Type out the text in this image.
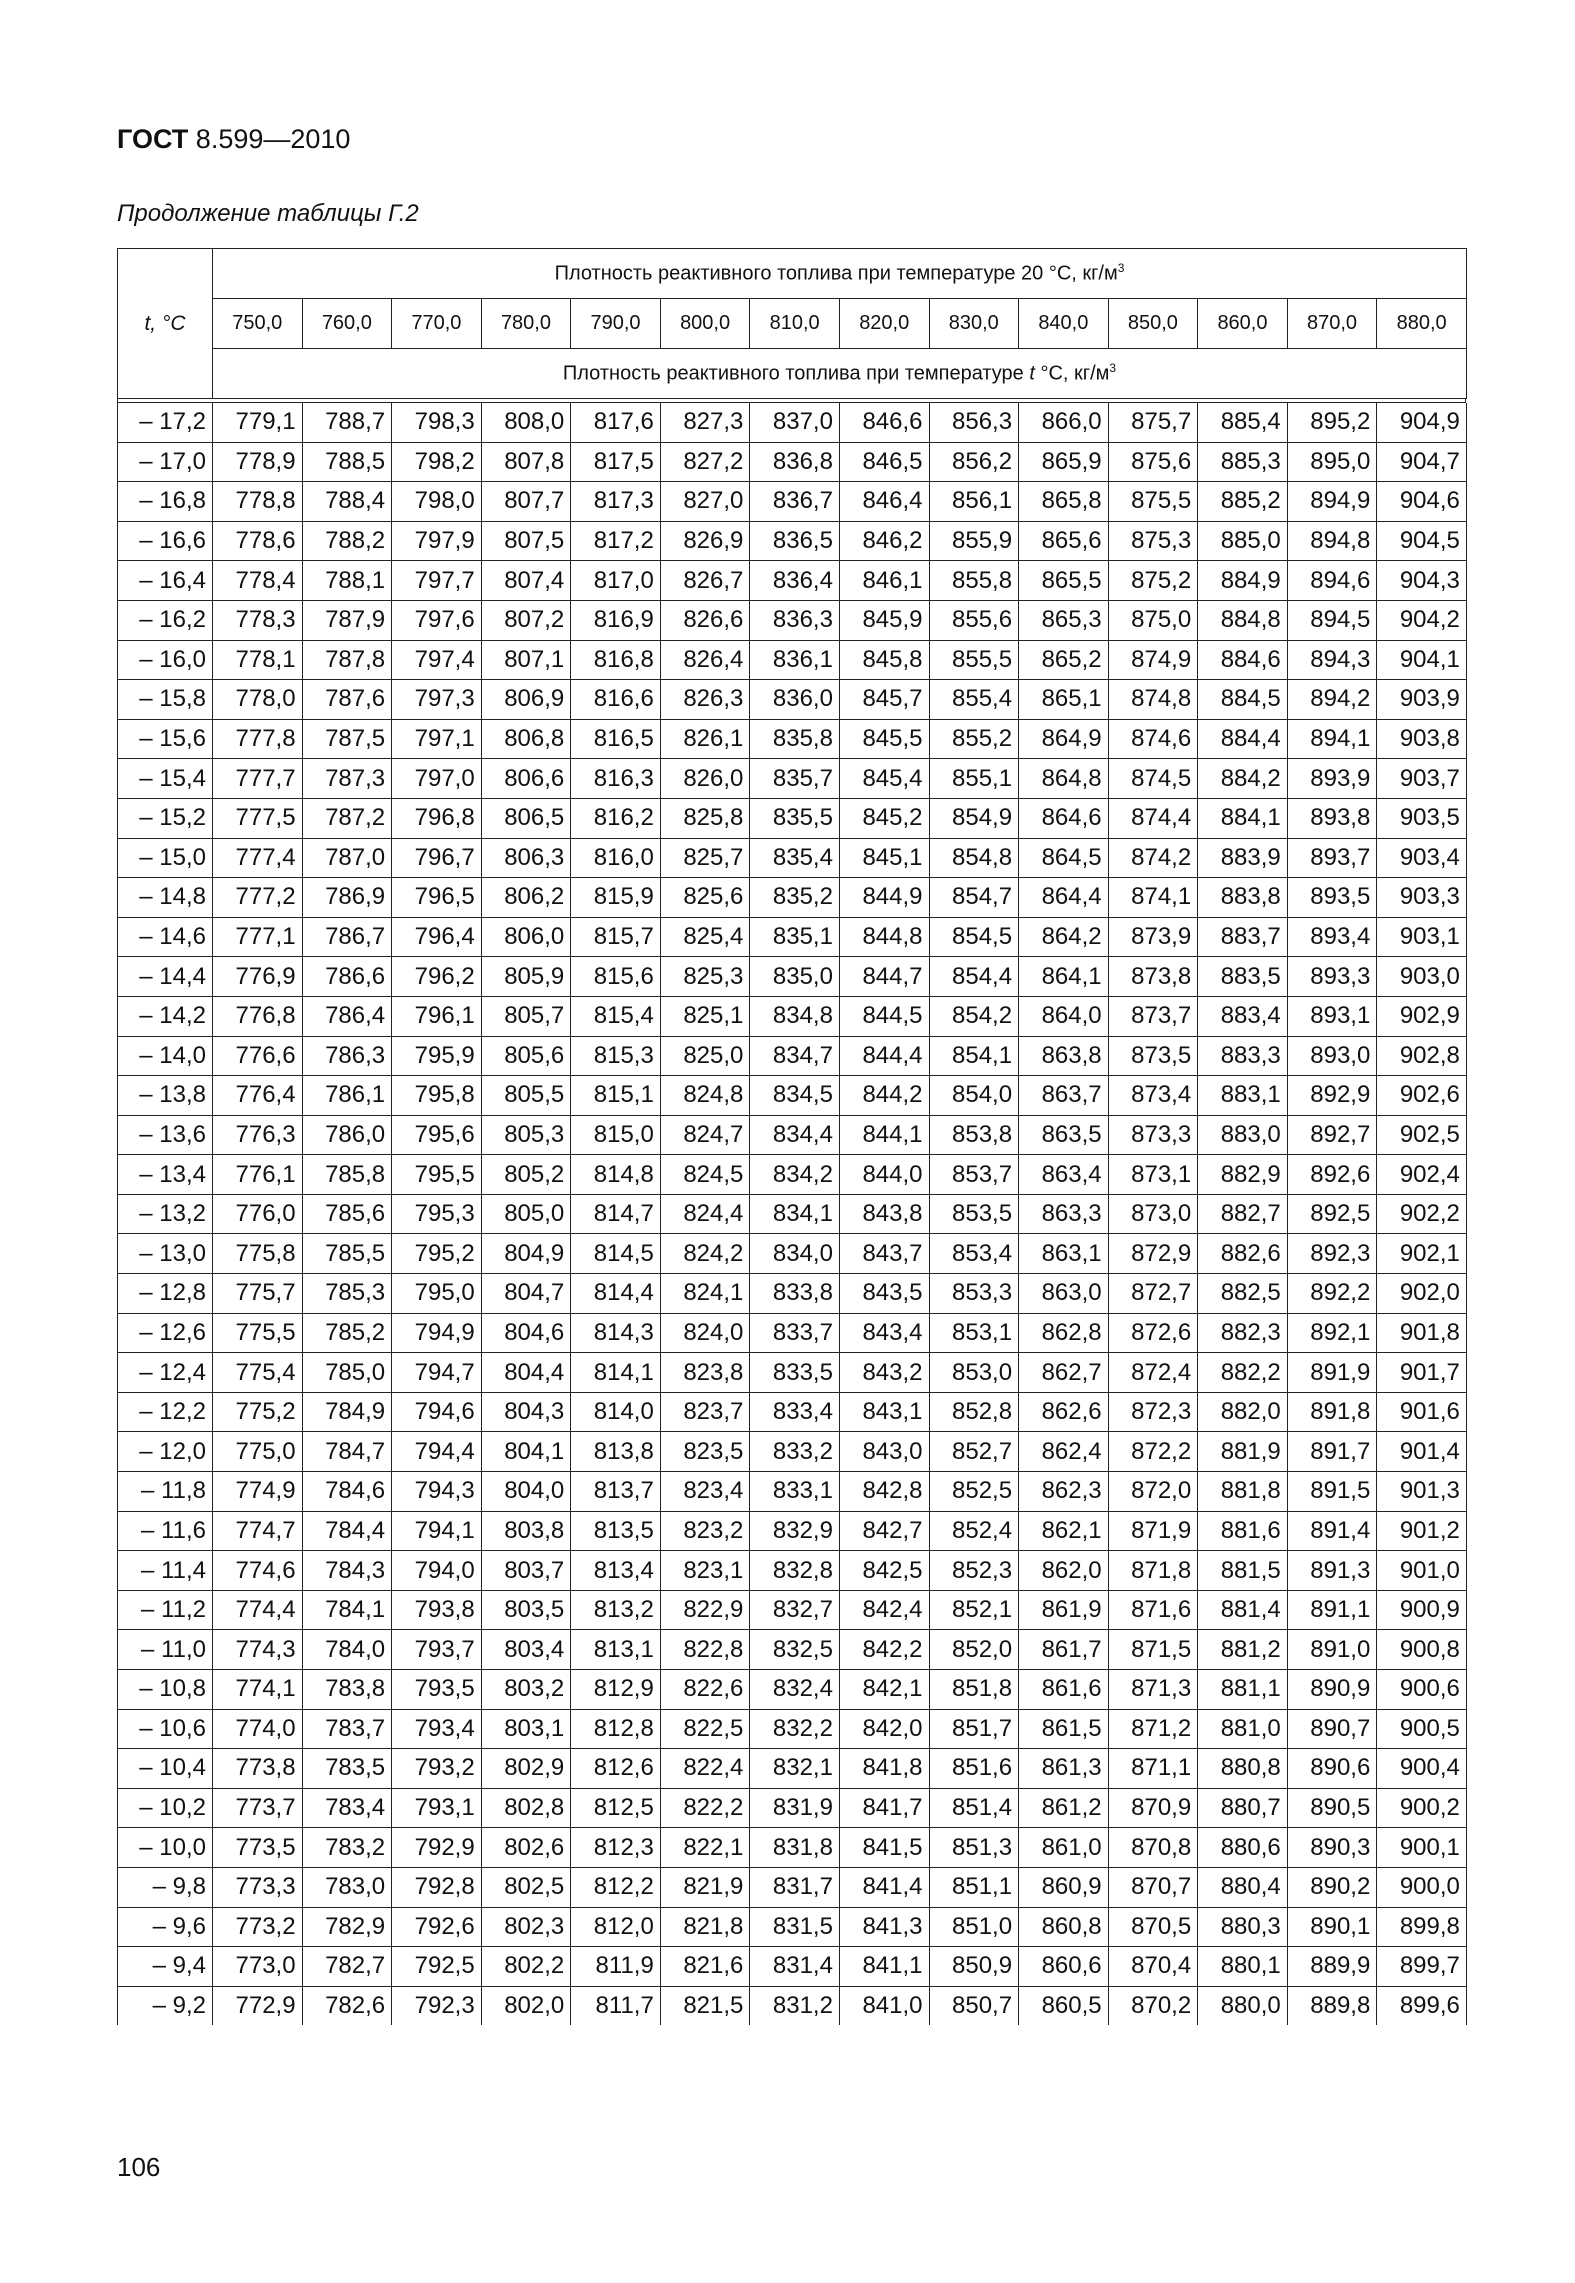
ГОСТ 8.599—2010
Продолжение таблицы Г.2
t, °C	Плотность реактивного топлива при температуре 20 °С, $кг/м^3$
	750,0	760,0	770,0	780,0	790,0	800,0	810,0	820,0	830,0	840,0	850,0	860,0	870,0	880,0
	Плотность реактивного топлива при температуре t °С, $кг/м^3$
– 17,2	779,1	788,7	798,3	808,0	817,6	827,3	837,0	846,6	856,3	866,0	875,7	885,4	895,2	904,9
– 17,0	778,9	788,5	798,2	807,8	817,5	827,2	836,8	846,5	856,2	865,9	875,6	885,3	895,0	904,7
– 16,8	778,8	788,4	798,0	807,7	817,3	827,0	836,7	846,4	856,1	865,8	875,5	885,2	894,9	904,6
– 16,6	778,6	788,2	797,9	807,5	817,2	826,9	836,5	846,2	855,9	865,6	875,3	885,0	894,8	904,5
– 16,4	778,4	788,1	797,7	807,4	817,0	826,7	836,4	846,1	855,8	865,5	875,2	884,9	894,6	904,3
– 16,2	778,3	787,9	797,6	807,2	816,9	826,6	836,3	845,9	855,6	865,3	875,0	884,8	894,5	904,2
– 16,0	778,1	787,8	797,4	807,1	816,8	826,4	836,1	845,8	855,5	865,2	874,9	884,6	894,3	904,1
– 15,8	778,0	787,6	797,3	806,9	816,6	826,3	836,0	845,7	855,4	865,1	874,8	884,5	894,2	903,9
– 15,6	777,8	787,5	797,1	806,8	816,5	826,1	835,8	845,5	855,2	864,9	874,6	884,4	894,1	903,8
– 15,4	777,7	787,3	797,0	806,6	816,3	826,0	835,7	845,4	855,1	864,8	874,5	884,2	893,9	903,7
– 15,2	777,5	787,2	796,8	806,5	816,2	825,8	835,5	845,2	854,9	864,6	874,4	884,1	893,8	903,5
– 15,0	777,4	787,0	796,7	806,3	816,0	825,7	835,4	845,1	854,8	864,5	874,2	883,9	893,7	903,4
– 14,8	777,2	786,9	796,5	806,2	815,9	825,6	835,2	844,9	854,7	864,4	874,1	883,8	893,5	903,3
– 14,6	777,1	786,7	796,4	806,0	815,7	825,4	835,1	844,8	854,5	864,2	873,9	883,7	893,4	903,1
– 14,4	776,9	786,6	796,2	805,9	815,6	825,3	835,0	844,7	854,4	864,1	873,8	883,5	893,3	903,0
– 14,2	776,8	786,4	796,1	805,7	815,4	825,1	834,8	844,5	854,2	864,0	873,7	883,4	893,1	902,9
– 14,0	776,6	786,3	795,9	805,6	815,3	825,0	834,7	844,4	854,1	863,8	873,5	883,3	893,0	902,8
– 13,8	776,4	786,1	795,8	805,5	815,1	824,8	834,5	844,2	854,0	863,7	873,4	883,1	892,9	902,6
– 13,6	776,3	786,0	795,6	805,3	815,0	824,7	834,4	844,1	853,8	863,5	873,3	883,0	892,7	902,5
– 13,4	776,1	785,8	795,5	805,2	814,8	824,5	834,2	844,0	853,7	863,4	873,1	882,9	892,6	902,4
– 13,2	776,0	785,6	795,3	805,0	814,7	824,4	834,1	843,8	853,5	863,3	873,0	882,7	892,5	902,2
– 13,0	775,8	785,5	795,2	804,9	814,5	824,2	834,0	843,7	853,4	863,1	872,9	882,6	892,3	902,1
– 12,8	775,7	785,3	795,0	804,7	814,4	824,1	833,8	843,5	853,3	863,0	872,7	882,5	892,2	902,0
– 12,6	775,5	785,2	794,9	804,6	814,3	824,0	833,7	843,4	853,1	862,8	872,6	882,3	892,1	901,8
– 12,4	775,4	785,0	794,7	804,4	814,1	823,8	833,5	843,2	853,0	862,7	872,4	882,2	891,9	901,7
– 12,2	775,2	784,9	794,6	804,3	814,0	823,7	833,4	843,1	852,8	862,6	872,3	882,0	891,8	901,6
– 12,0	775,0	784,7	794,4	804,1	813,8	823,5	833,2	843,0	852,7	862,4	872,2	881,9	891,7	901,4
– 11,8	774,9	784,6	794,3	804,0	813,7	823,4	833,1	842,8	852,5	862,3	872,0	881,8	891,5	901,3
– 11,6	774,7	784,4	794,1	803,8	813,5	823,2	832,9	842,7	852,4	862,1	871,9	881,6	891,4	901,2
– 11,4	774,6	784,3	794,0	803,7	813,4	823,1	832,8	842,5	852,3	862,0	871,8	881,5	891,3	901,0
– 11,2	774,4	784,1	793,8	803,5	813,2	822,9	832,7	842,4	852,1	861,9	871,6	881,4	891,1	900,9
– 11,0	774,3	784,0	793,7	803,4	813,1	822,8	832,5	842,2	852,0	861,7	871,5	881,2	891,0	900,8
– 10,8	774,1	783,8	793,5	803,2	812,9	822,6	832,4	842,1	851,8	861,6	871,3	881,1	890,9	900,6
– 10,6	774,0	783,7	793,4	803,1	812,8	822,5	832,2	842,0	851,7	861,5	871,2	881,0	890,7	900,5
– 10,4	773,8	783,5	793,2	802,9	812,6	822,4	832,1	841,8	851,6	861,3	871,1	880,8	890,6	900,4
– 10,2	773,7	783,4	793,1	802,8	812,5	822,2	831,9	841,7	851,4	861,2	870,9	880,7	890,5	900,2
– 10,0	773,5	783,2	792,9	802,6	812,3	822,1	831,8	841,5	851,3	861,0	870,8	880,6	890,3	900,1
– 9,8	773,3	783,0	792,8	802,5	812,2	821,9	831,7	841,4	851,1	860,9	870,7	880,4	890,2	900,0
– 9,6	773,2	782,9	792,6	802,3	812,0	821,8	831,5	841,3	851,0	860,8	870,5	880,3	890,1	899,8
– 9,4	773,0	782,7	792,5	802,2	811,9	821,6	831,4	841,1	850,9	860,6	870,4	880,1	889,9	899,7
– 9,2	772,9	782,6	792,3	802,0	811,7	821,5	831,2	841,0	850,7	860,5	870,2	880,0	889,8	899,6
106
